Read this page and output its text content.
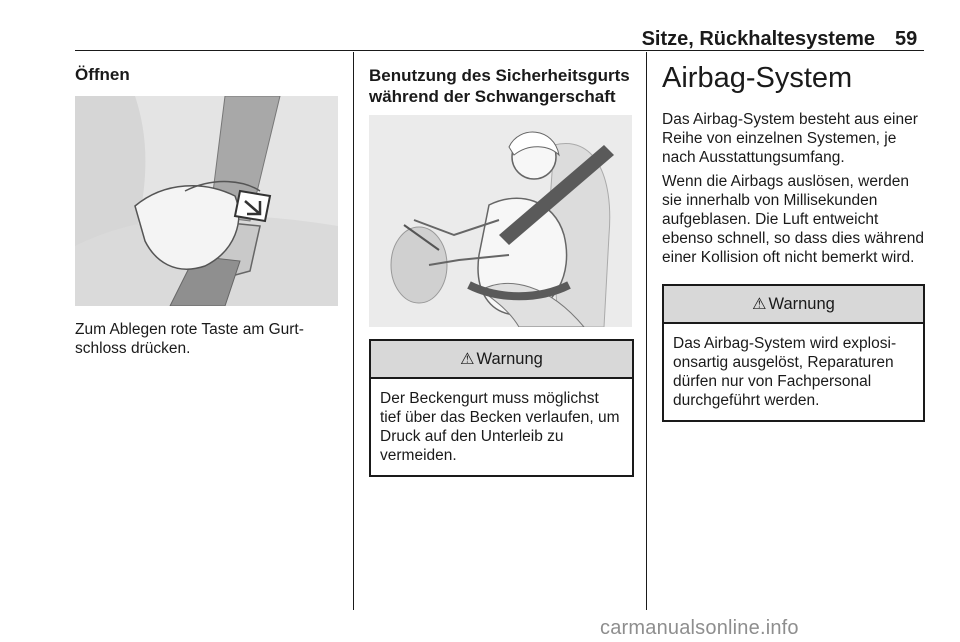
Sitze, Rückhaltesysteme 59
Öffnen
Zum Ablegen rote Taste am Gurt-schloss drücken.
Benutzung des Sicherheitsgurts während der Schwangerschaft
⚠ Warnung
Der Beckengurt muss möglichst tief über das Becken verlaufen, um Druck auf den Unterleib zu vermeiden.
Airbag-System
Das Airbag-System besteht aus einer Reihe von einzelnen Systemen, je nach Ausstattungsumfang.
Wenn die Airbags auslösen, werden sie innerhalb von Millisekunden aufgeblasen. Die Luft entweicht ebenso schnell, so dass dies während einer Kollision oft nicht bemerkt wird.
⚠ Warnung
Das Airbag-System wird explosi-onsartig ausgelöst, Reparaturen dürfen nur von Fachpersonal durchgeführt werden.
carmanualsonline.info
